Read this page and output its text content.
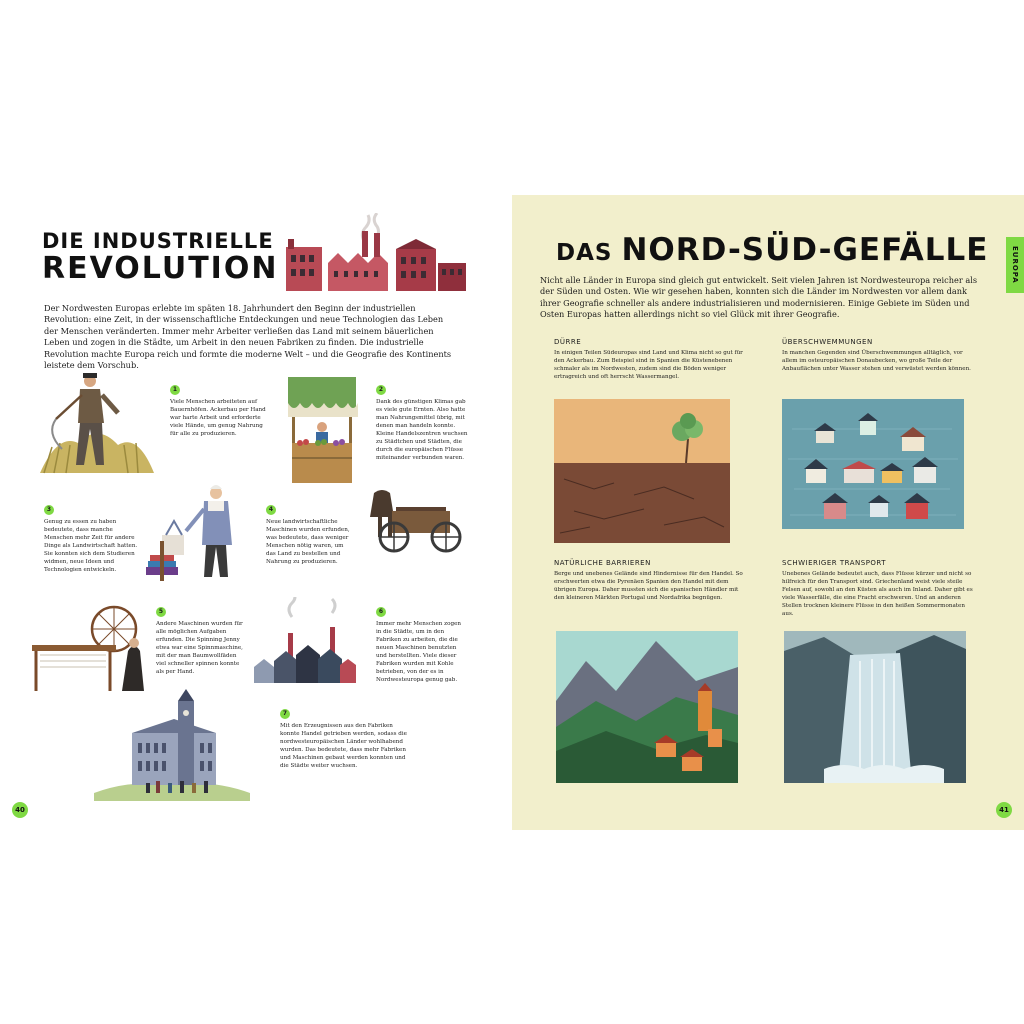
DIE INDUSTRIELLE
REVOLUTION

Der Nordwesten Europas erlebte im späten 18. Jahrhundert den Beginn der industriellen Revolution: eine Zeit, in der wissenschaftliche Entdeckungen und neue Technologien das Leben der Menschen veränderten. Immer mehr Arbeiter verließen das Land mit seinem bäuerlichen Leben und zogen in die Städte, um Arbeit in den neuen Fabriken zu finden. Die industrielle Revolution machte Europa reich und formte die moderne Welt – und die Geografie des Kontinents leistete dem Vorschub.

1
Viele Menschen arbeiteten auf Bauernhöfen. Ackerbau per Hand war harte Arbeit und erforderte viele Hände, um genug Nahrung für alle zu produzieren.
2
Dank des günstigen Klimas gab es viele gute Ernten. Also hatte man Nahrungsmittel übrig, mit denen man handeln konnte. Kleine Handelszentren wuchsen zu Städtchen und Städten, die durch die europäischen Flüsse miteinander verbunden waren.
3
Genug zu essen zu haben bedeutete, dass manche Menschen mehr Zeit für andere Dinge als Landwirtschaft hatten. Sie konnten sich dem Studieren widmen, neue Ideen und Technologien entwickeln.
4
Neue landwirtschaftliche Maschinen wurden erfunden, was bedeutete, dass weniger Menschen nötig waren, um das Land zu bestellen und Nahrung zu produzieren.
5
Andere Maschinen wurden für alle möglichen Aufgaben erfunden. Die Spinning Jenny etwa war eine Spinnmaschine, mit der man Baumwollfäden viel schneller spinnen konnte als per Hand.
6
Immer mehr Menschen zogen in die Städte, um in den Fabriken zu arbeiten, die die neuen Maschinen benutzten und herstellten. Viele dieser Fabriken wurden mit Kohle betrieben, von der es in Nordwesteuropa genug gab.
7
Mit den Erzeugnissen aus den Fabriken konnte Handel getrieben werden, sodass die nordwesteuropäischen Länder wohlhabend wurden. Das bedeutete, dass mehr Fabriken und Maschinen gebaut werden konnten und die Städte weiter wuchsen.
40
DAS NORD-SÜD-GEFÄLLE	EUROPA

Nicht alle Länder in Europa sind gleich gut entwickelt. Seit vielen Jahren ist Nordwesteuropa reicher als der Süden und Osten. Wie wir gesehen haben, konnten sich die Länder im Nordwesten vor allem dank ihrer Geografie schneller als andere industrialisieren und modernisieren. Einige Gebiete im Süden und Osten Europas hatten allerdings nicht so viel Glück mit ihrer Geografie.

DÜRRE

In einigen Teilen Südeuropas sind Land und Klima nicht so gut für den Ackerbau. Zum Beispiel sind in Spanien die Küstenebenen schmaler als im Nordwesten, zudem sind die Böden weniger ertragreich und oft herrscht Wassermangel.

ÜBERSCHWEMMUNGEN

In manchen Gegenden sind Überschwemmungen alltäglich, vor allem im osteuropäischen Donaubecken, wo große Teile der Anbauflächen unter Wasser stehen und verwüstet werden können.

NATÜRLICHE BARRIEREN

Berge und unebenes Gelände sind Hindernisse für den Handel. So erschwerten etwa die Pyrenäen Spanien den Handel mit dem übrigen Europa. Daher mussten sich die spanischen Händler mit den kleineren Märkten Portugal und Nordafrika begnügen.

SCHWIERIGER TRANSPORT

Unebenes Gelände bedeutet auch, dass Flüsse kürzer und nicht so hilfreich für den Transport sind. Griechenland weist viele steile Felsen auf, sowohl an den Küsten als auch im Inland. Daher gibt es viele Wasserfälle, die eine Fracht erschweren. Und an anderen Stellen trocknen kleinere Flüsse in den heißen Sommermonaten aus.

41
